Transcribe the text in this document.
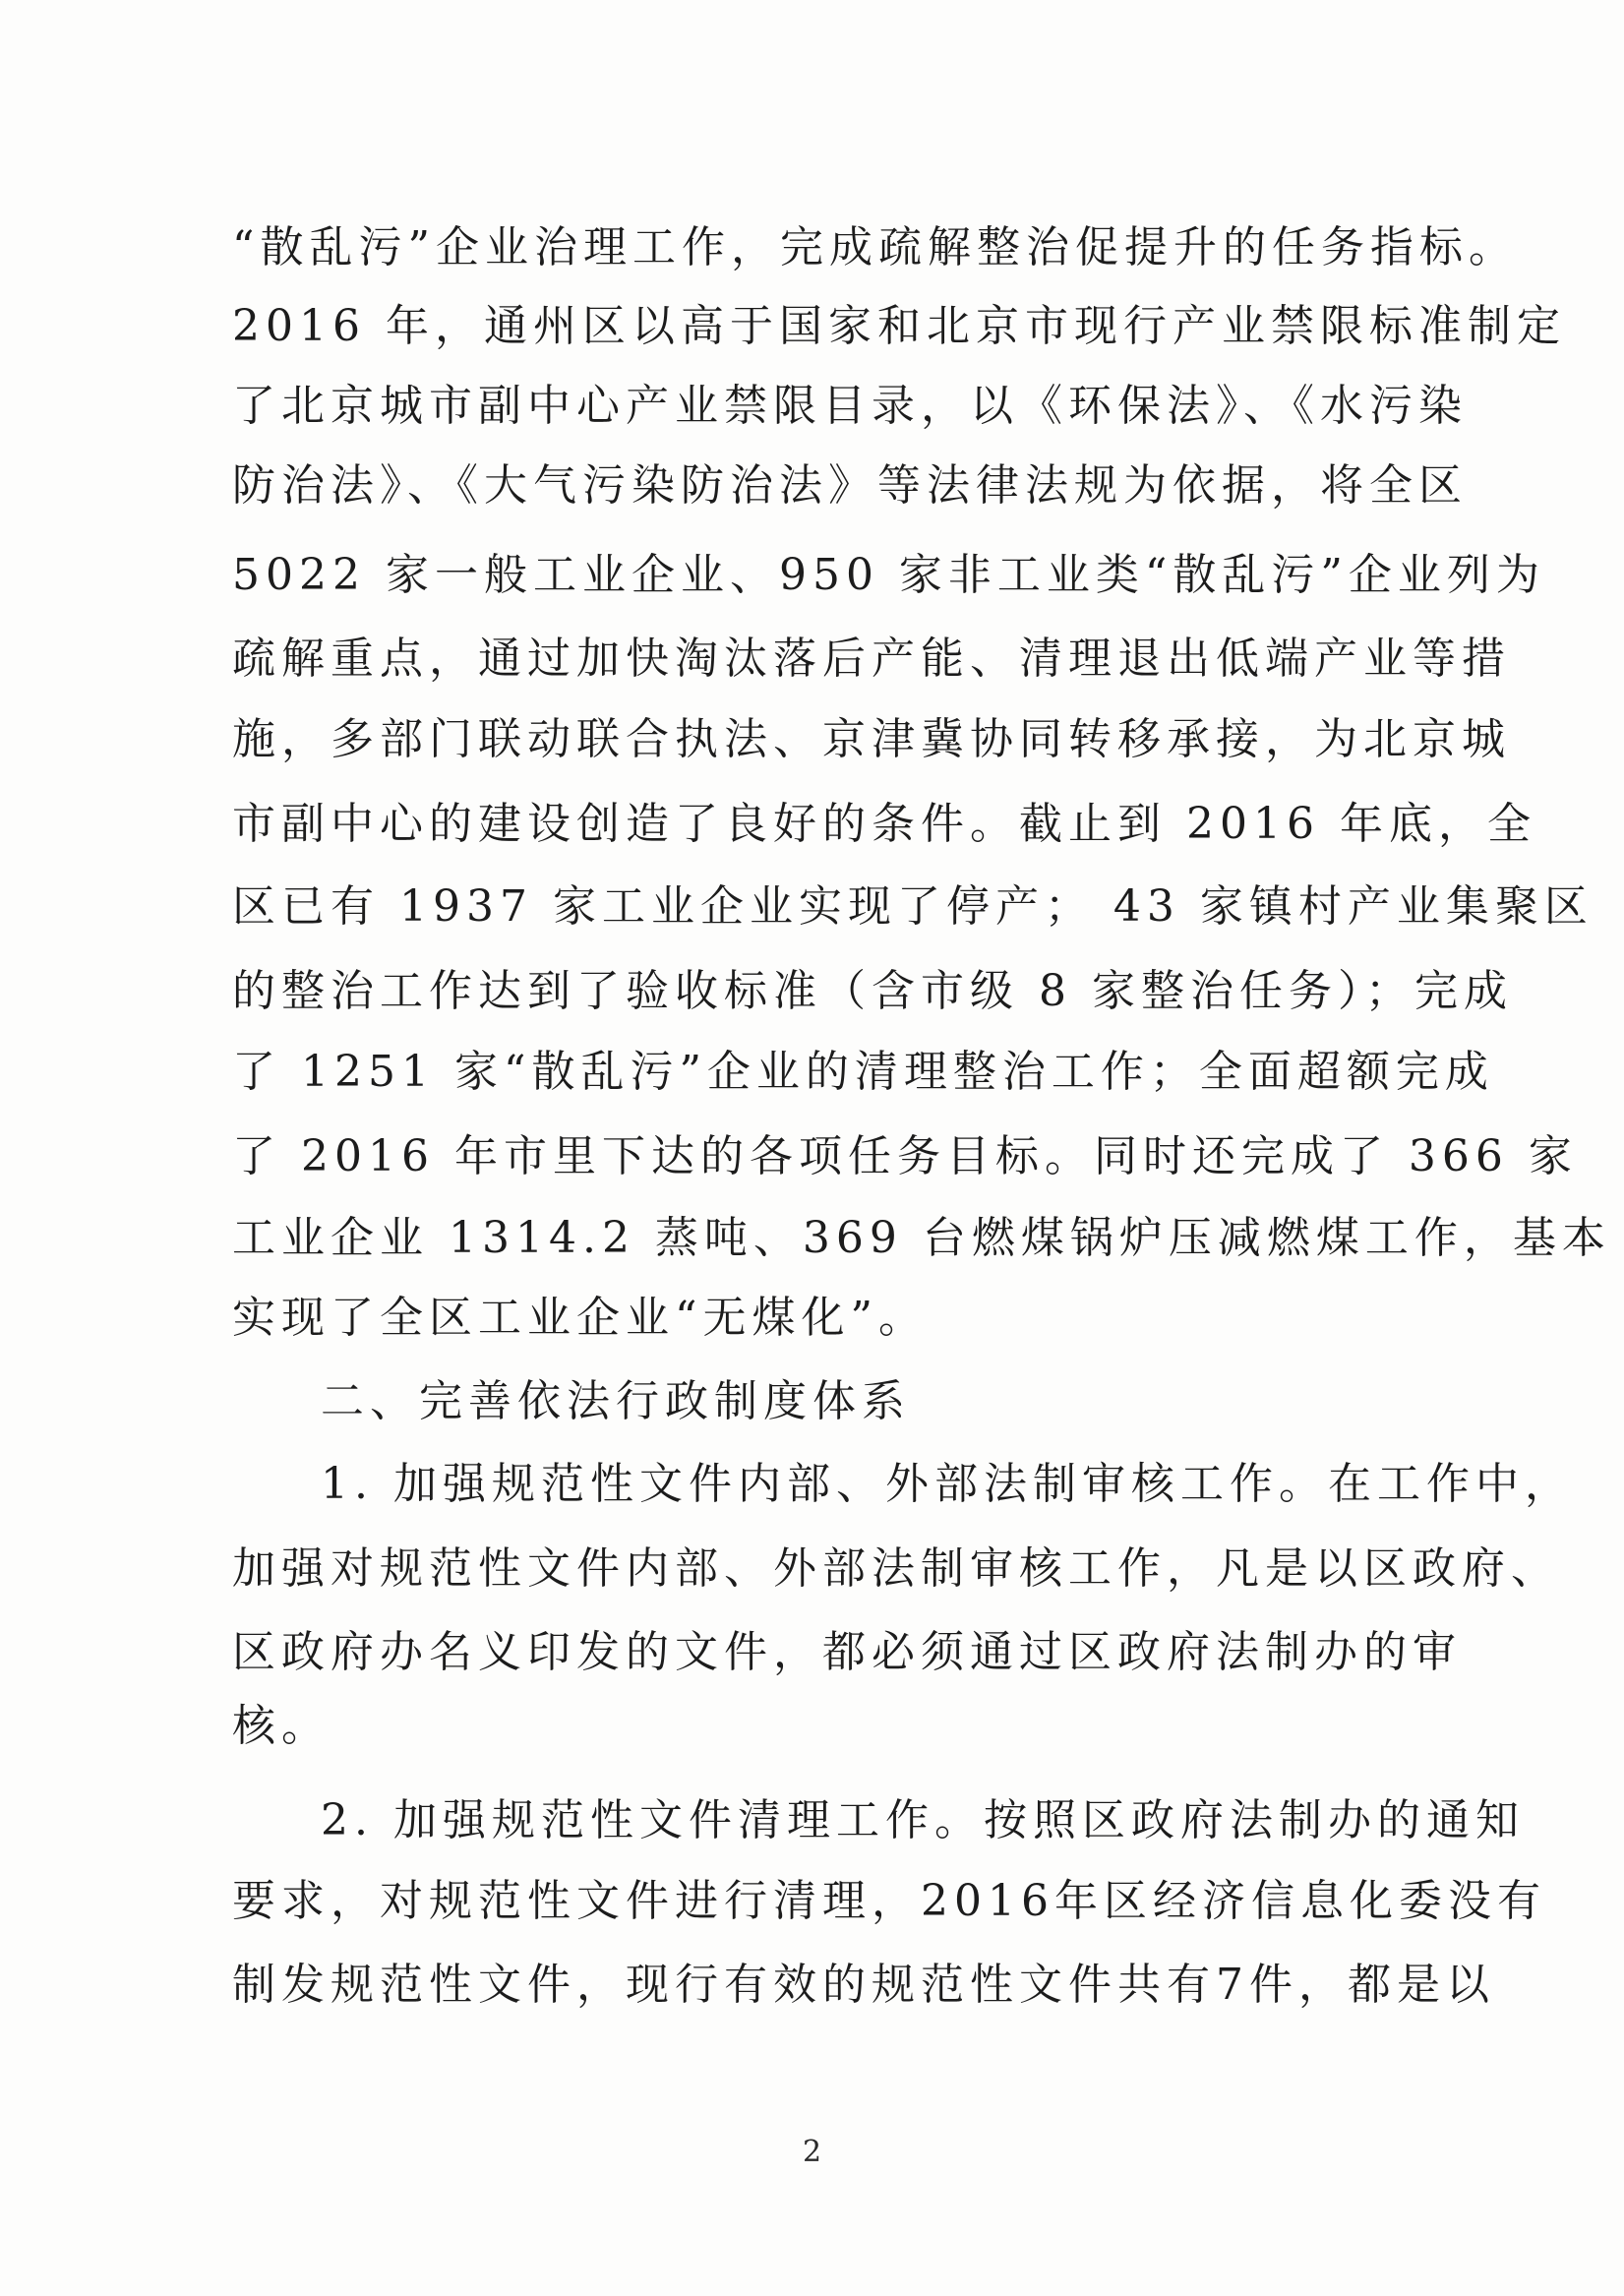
“散乱污”企业治理工作，完成疏解整治促提升的任务指标。
2016 年，通州区以高于国家和北京市现行产业禁限标准制定
了北京城市副中心产业禁限目录，以《环保法》、《水污染
防治法》、《大气污染防治法》等法律法规为依据，将全区
5022 家一般工业企业、950 家非工业类“散乱污”企业列为
疏解重点，通过加快淘汰落后产能、清理退出低端产业等措
施，多部门联动联合执法、京津冀协同转移承接，为北京城
市副中心的建设创造了良好的条件。截止到 2016 年底，全
区已有 1937 家工业企业实现了停产； 43 家镇村产业集聚区
的整治工作达到了验收标准（含市级 8 家整治任务）；完成
了 1251 家“散乱污”企业的清理整治工作；全面超额完成
了 2016 年市里下达的各项任务目标。同时还完成了 366 家
工业企业 1314.2 蒸吨、369 台燃煤锅炉压减燃煤工作，基本
实现了全区工业企业“无煤化”。
二、完善依法行政制度体系
1. 加强规范性文件内部、外部法制审核工作。在工作中，
加强对规范性文件内部、外部法制审核工作，凡是以区政府、
区政府办名义印发的文件，都必须通过区政府法制办的审
核。
2. 加强规范性文件清理工作。按照区政府法制办的通知
要求，对规范性文件进行清理，2016年区经济信息化委没有
制发规范性文件，现行有效的规范性文件共有7件，都是以
2
